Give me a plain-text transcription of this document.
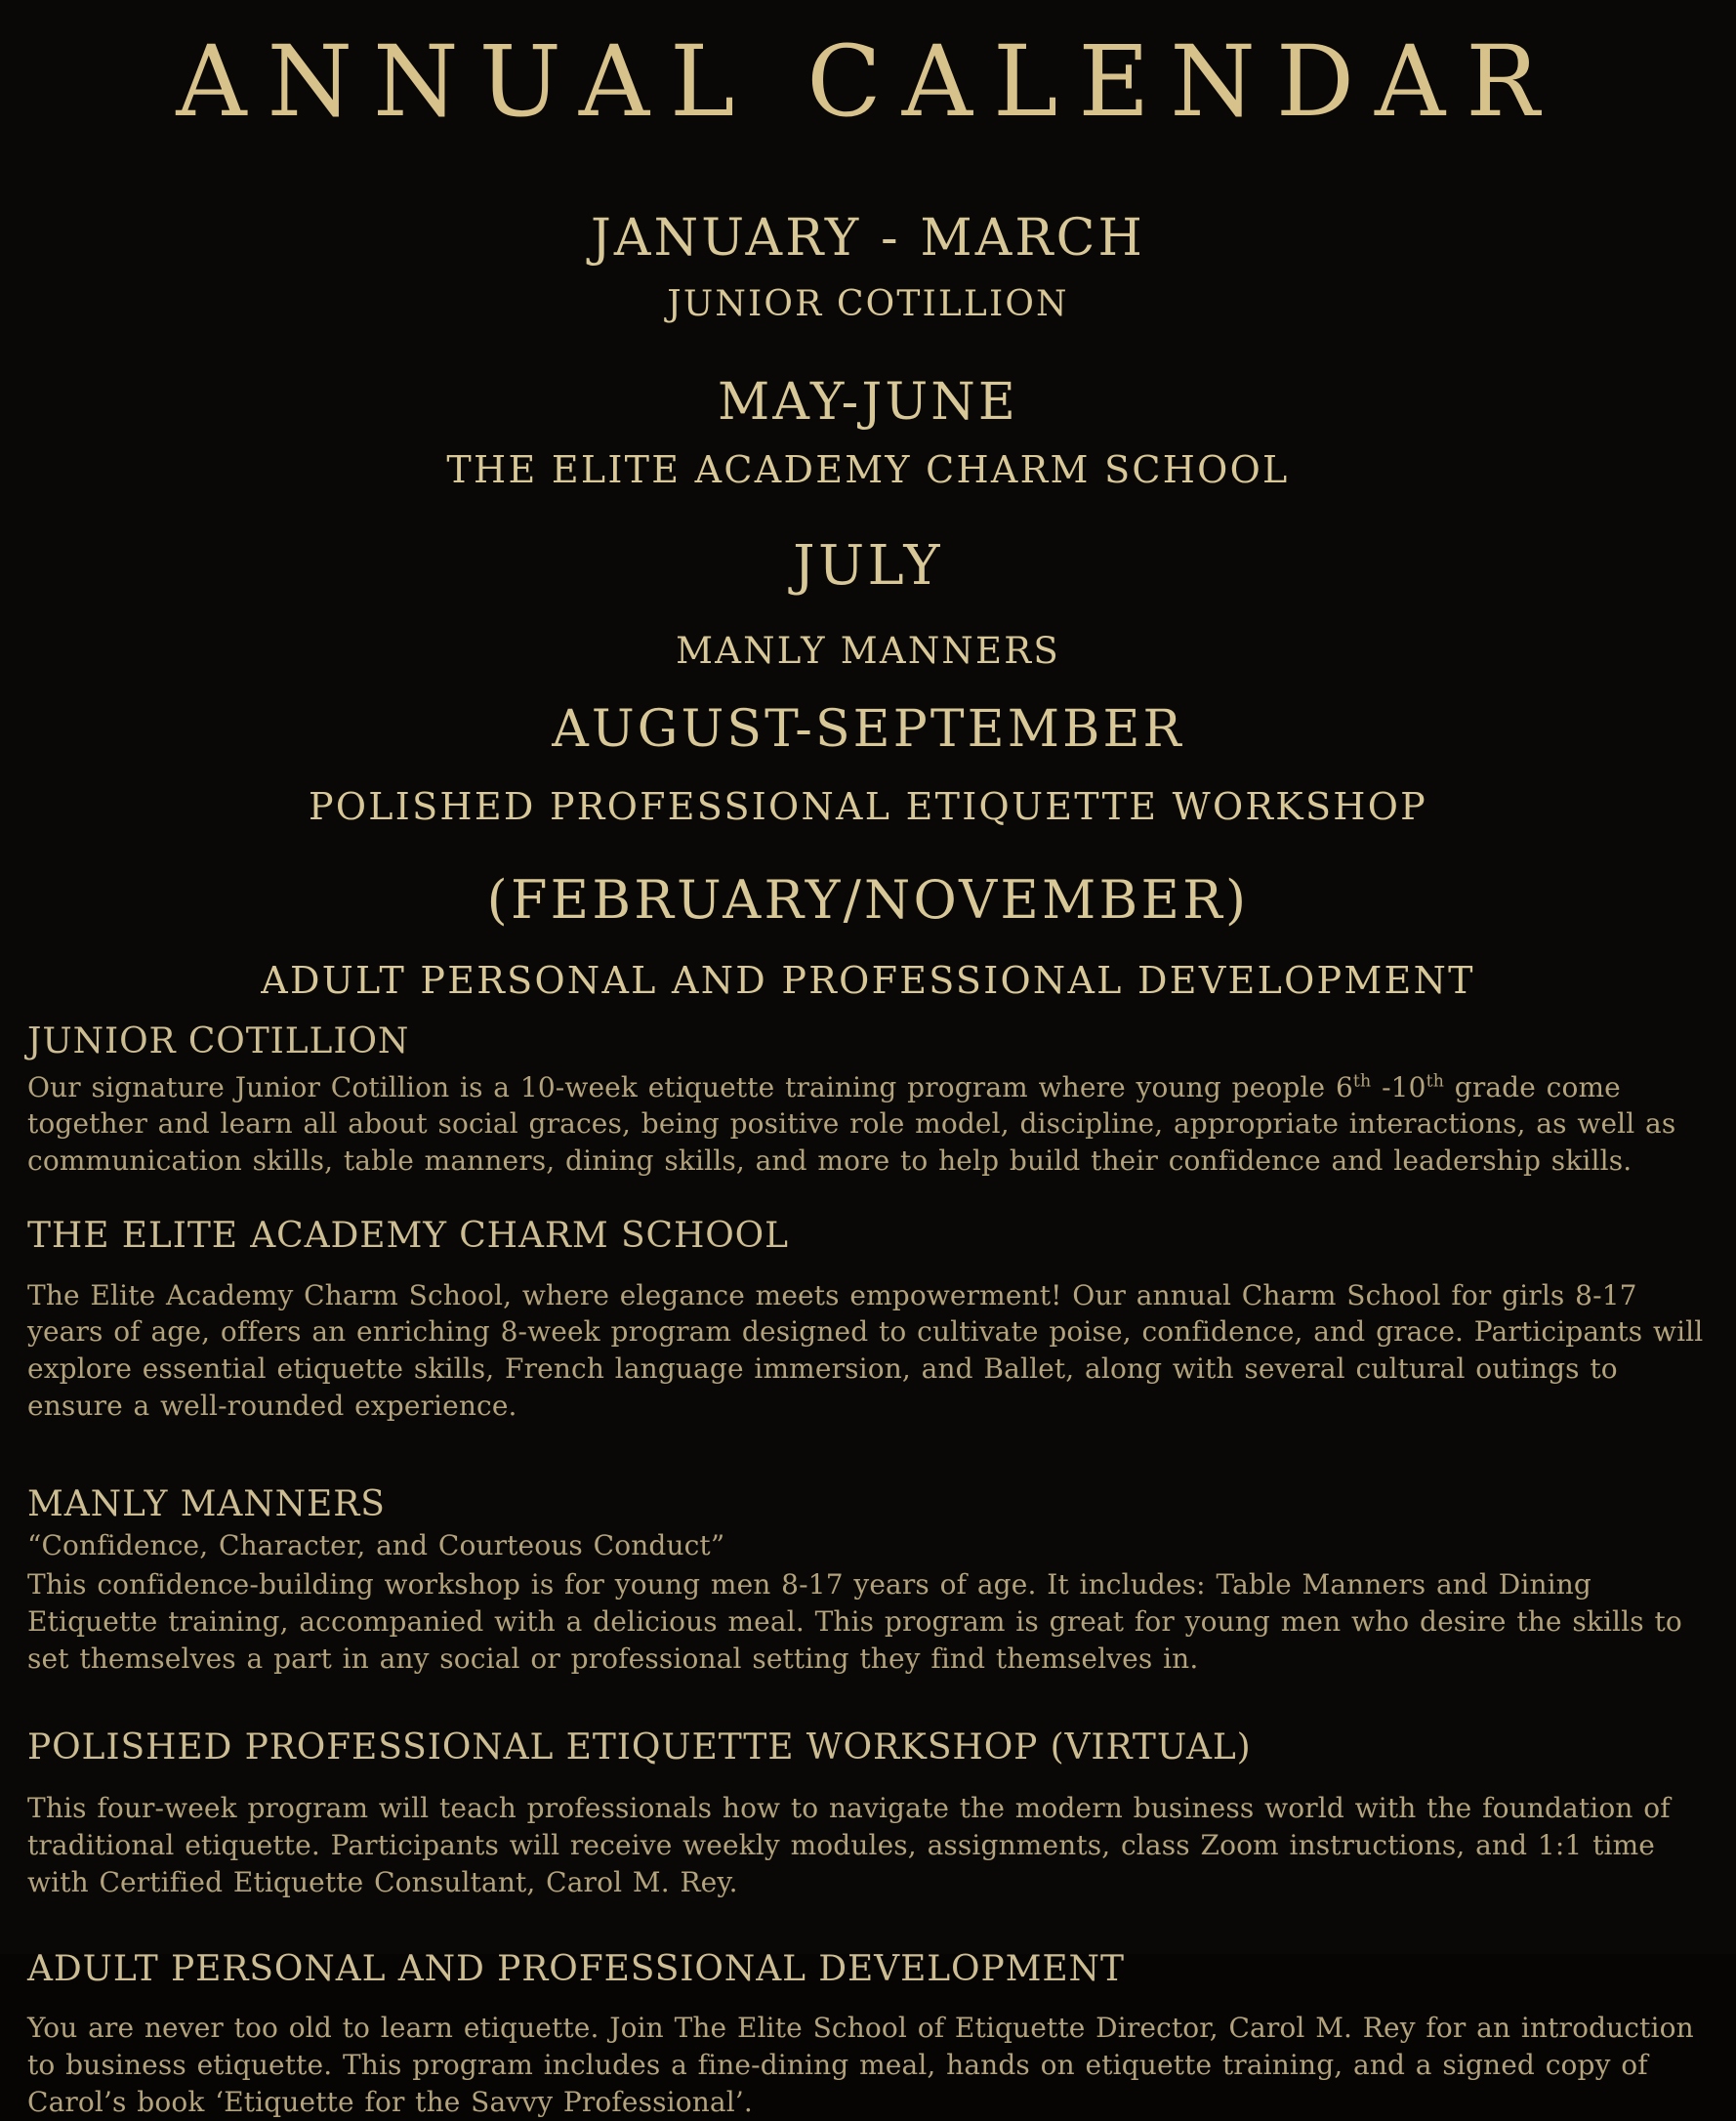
ANNUAL CALENDAR
JANUARY - MARCH
JUNIOR COTILLION
MAY-JUNE
THE ELITE ACADEMY CHARM SCHOOL
JULY
MANLY MANNERS
AUGUST-SEPTEMBER
POLISHED PROFESSIONAL ETIQUETTE WORKSHOP
(FEBRUARY/NOVEMBER)
ADULT PERSONAL AND PROFESSIONAL DEVELOPMENT
JUNIOR COTILLION

Our signature Junior Cotillion is a 10-week etiquette training program where young people 6th -10th grade come together and learn all about social graces, being positive role model, discipline, appropriate interactions, as well as communication skills, table manners, dining skills, and more to help build their confidence and leadership skills.

THE ELITE ACADEMY CHARM SCHOOL

The Elite Academy Charm School, where elegance meets empowerment! Our annual Charm School for girls 8-17 years of age, offers an enriching 8-week program designed to cultivate poise, confidence, and grace. Participants will explore essential etiquette skills, French language immersion, and Ballet, along with several cultural outings to ensure a well-rounded experience.

MANLY MANNERS

“Confidence, Character, and Courteous Conduct”

This confidence-building workshop is for young men 8-17 years of age. It includes: Table Manners and Dining Etiquette training, accompanied with a delicious meal. This program is great for young men who desire the skills to set themselves a part in any social or professional setting they find themselves in.

POLISHED PROFESSIONAL ETIQUETTE WORKSHOP (VIRTUAL)

This four-week program will teach professionals how to navigate the modern business world with the foundation of traditional etiquette. Participants will receive weekly modules, assignments, class Zoom instructions, and 1:1 time with Certified Etiquette Consultant, Carol M. Rey.

ADULT PERSONAL AND PROFESSIONAL DEVELOPMENT

You are never too old to learn etiquette. Join The Elite School of Etiquette Director, Carol M. Rey for an introduction to business etiquette. This program includes a fine-dining meal, hands on etiquette training, and a signed copy of Carol’s book ‘Etiquette for the Savvy Professional’.
